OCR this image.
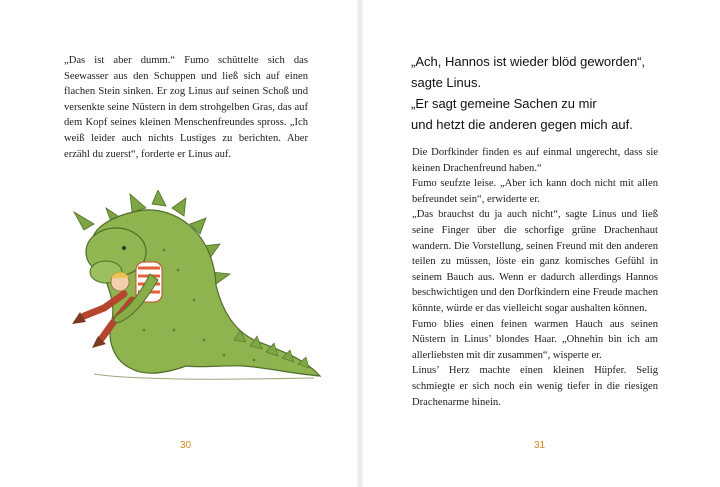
„Das ist aber dumm.“ Fumo schüttelte sich das Seewasser aus den Schuppen und ließ sich auf einen flachen Stein sinken. Er zog Linus auf seinen Schoß und versenkte seine Nüstern in dem strohgelben Gras, das auf dem Kopf seines kleinen Menschenfreundes spross. „Ich weiß leider auch nichts Lustiges zu berichten. Aber erzähl du zuerst“, forderte er Linus auf.

30
„Ach, Hannos ist wieder blöd geworden“,
sagte Linus.
„Er sagt gemeine Sachen zu mir
und hetzt die anderen gegen mich auf.

Die Dorfkinder finden es auf einmal ungerecht, dass sie keinen Drachenfreund haben.“

Fumo seufzte leise. „Aber ich kann doch nicht mit allen befreundet sein“, erwiderte er.

„Das brauchst du ja auch nicht“, sagte Linus und ließ seine Finger über die schorfige grüne Drachenhaut wandern. Die Vorstellung, seinen Freund mit den anderen teilen zu müssen, löste ein ganz komisches Gefühl in seinem Bauch aus. Wenn er dadurch allerdings Hannos beschwichtigen und den Dorfkindern eine Freude machen könnte, würde er das vielleicht sogar aushalten können.

Fumo blies einen feinen warmen Hauch aus seinen Nüstern in Linus’ blondes Haar. „Ohnehin bin ich am allerliebsten mit dir zusammen“, wisperte er.

Linus’ Herz machte einen kleinen Hüpfer. Selig schmiegte er sich noch ein wenig tiefer in die riesigen Drachenarme hinein.

31
